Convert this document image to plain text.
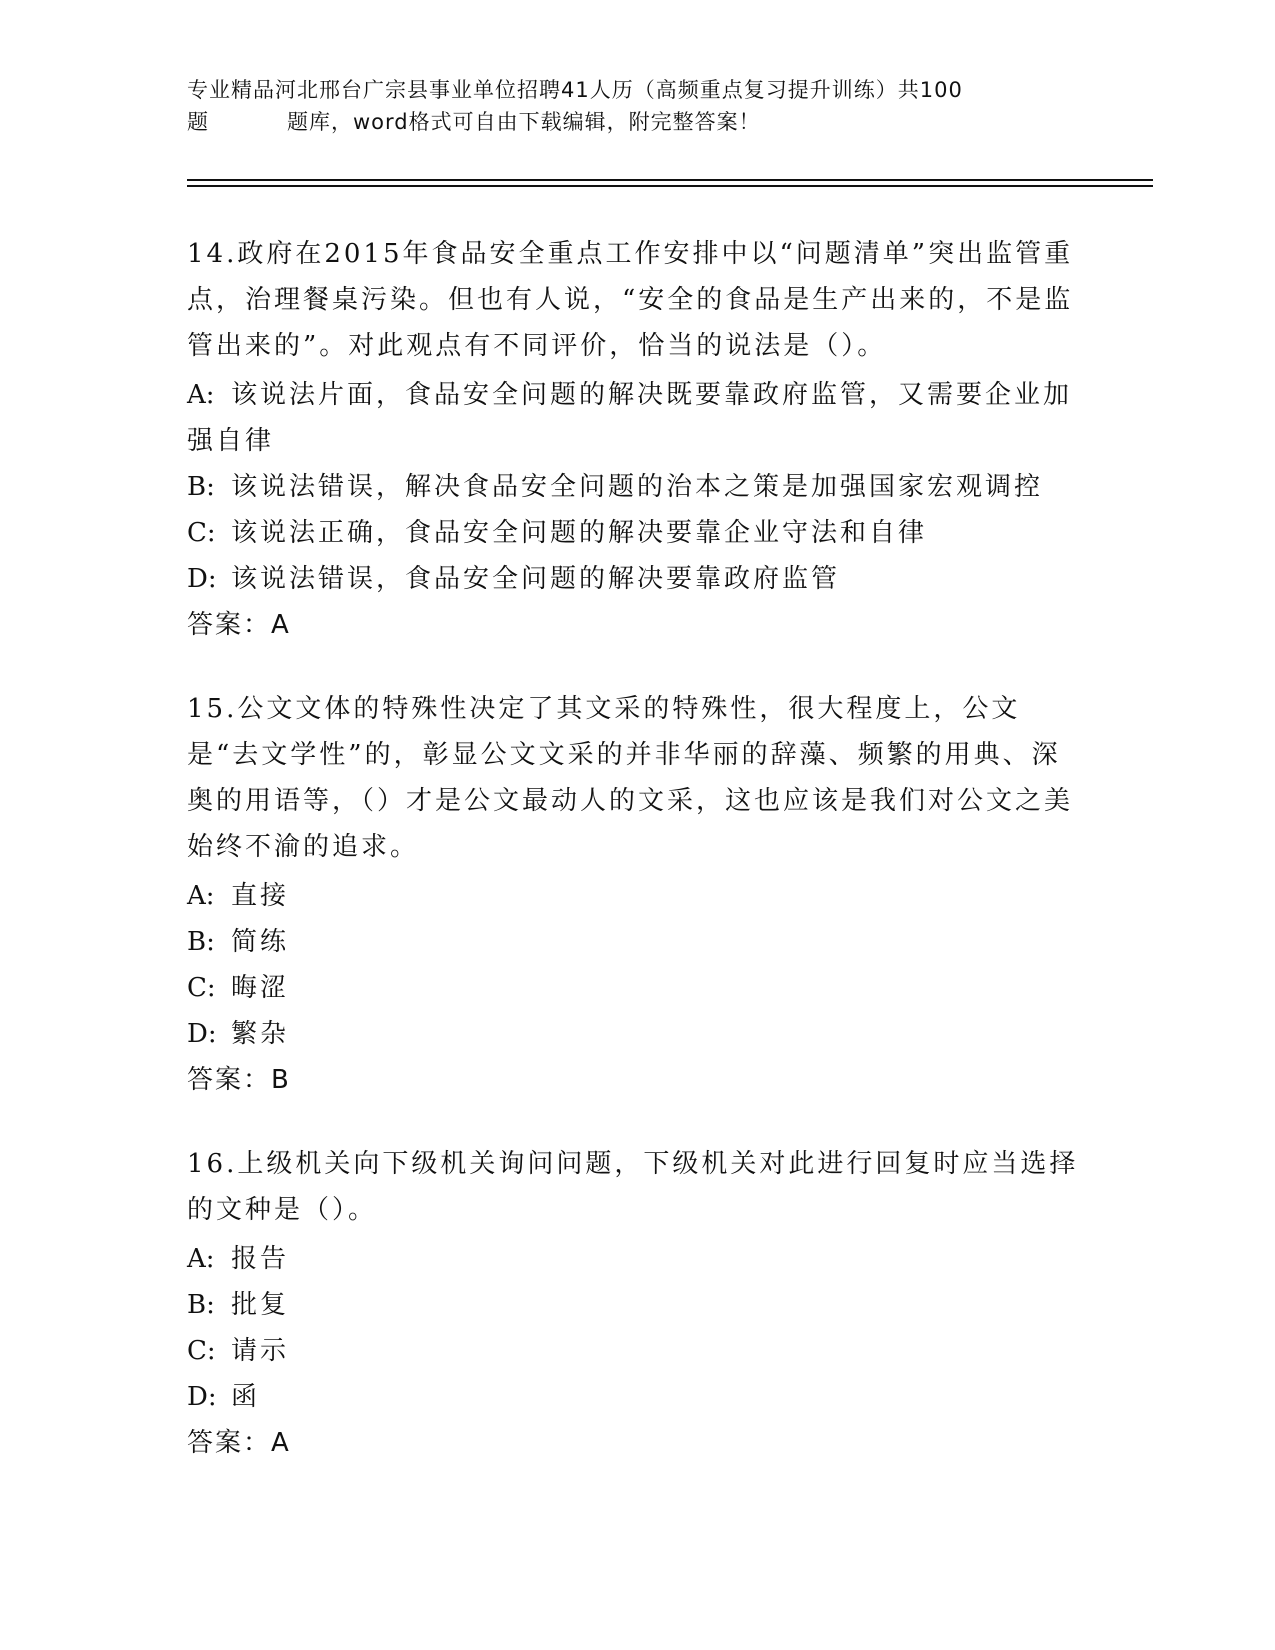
专业精品河北邢台广宗县事业单位招聘41人历（高频重点复习提升训练）共100
题	题库，word格式可自由下载编辑，附完整答案！
14.政府在2015年食品安全重点工作安排中以“问题清单”突出监管重点，治理餐桌污染。但也有人说，“安全的食品是生产出来的，不是监管出来的”。对此观点有不同评价，恰当的说法是（）。
A: 该说法片面，食品安全问题的解决既要靠政府监管，又需要企业加强自律
B: 该说法错误，解决食品安全问题的治本之策是加强国家宏观调控
C: 该说法正确，食品安全问题的解决要靠企业守法和自律
D: 该说法错误，食品安全问题的解决要靠政府监管
答案：A
15.公文文体的特殊性决定了其文采的特殊性，很大程度上，公文是“去文学性”的，彰显公文文采的并非华丽的辞藻、频繁的用典、深奥的用语等，（）才是公文最动人的文采，这也应该是我们对公文之美始终不渝的追求。
A: 直接
B: 简练
C: 晦涩
D: 繁杂
答案：B
16.上级机关向下级机关询问问题，下级机关对此进行回复时应当选择的文种是（）。
A: 报告
B: 批复
C: 请示
D: 函
答案：A
